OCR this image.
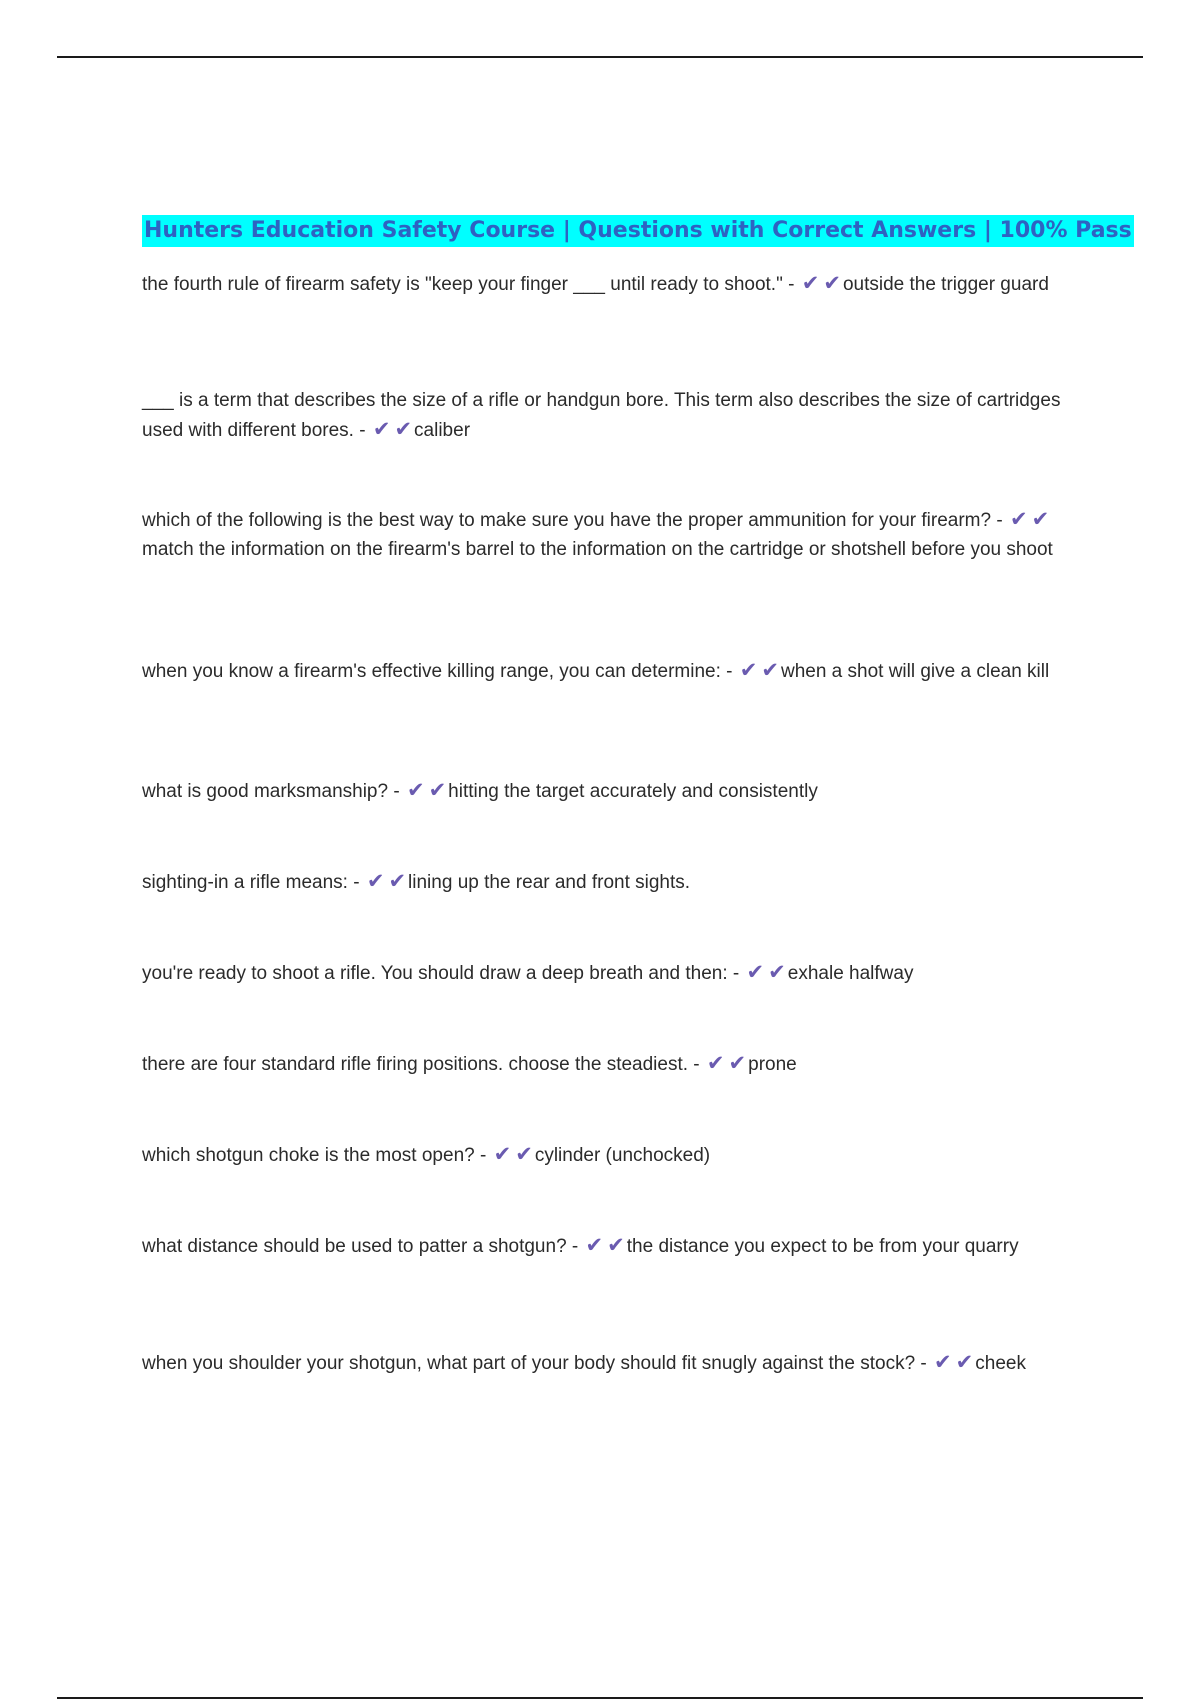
Hunters Education Safety Course | Questions with Correct Answers | 100% Pass

the fourth rule of firearm safety is "keep your finger ___ until ready to shoot." - ✔ ✔ outside the trigger guard

___ is a term that describes the size of a rifle or handgun bore. This term also describes the size of cartridges used with different bores. - ✔ ✔ caliber

which of the following is the best way to make sure you have the proper ammunition for your firearm? - ✔ ✔match the information on the firearm's barrel to the information on the cartridge or shotshell before you shoot

when you know a firearm's effective killing range, you can determine: - ✔ ✔ when a shot will give a clean kill

what is good marksmanship? - ✔ ✔ hitting the target accurately and consistently

sighting-in a rifle means: - ✔ ✔ lining up the rear and front sights.

you're ready to shoot a rifle. You should draw a deep breath and then: - ✔ ✔ exhale halfway

there are four standard rifle firing positions. choose the steadiest. - ✔ ✔ prone

which shotgun choke is the most open? - ✔ ✔ cylinder (unchocked)

what distance should be used to patter a shotgun? - ✔ ✔ the distance you expect to be from your quarry

when you shoulder your shotgun, what part of your body should fit snugly against the stock? - ✔ ✔ cheek
